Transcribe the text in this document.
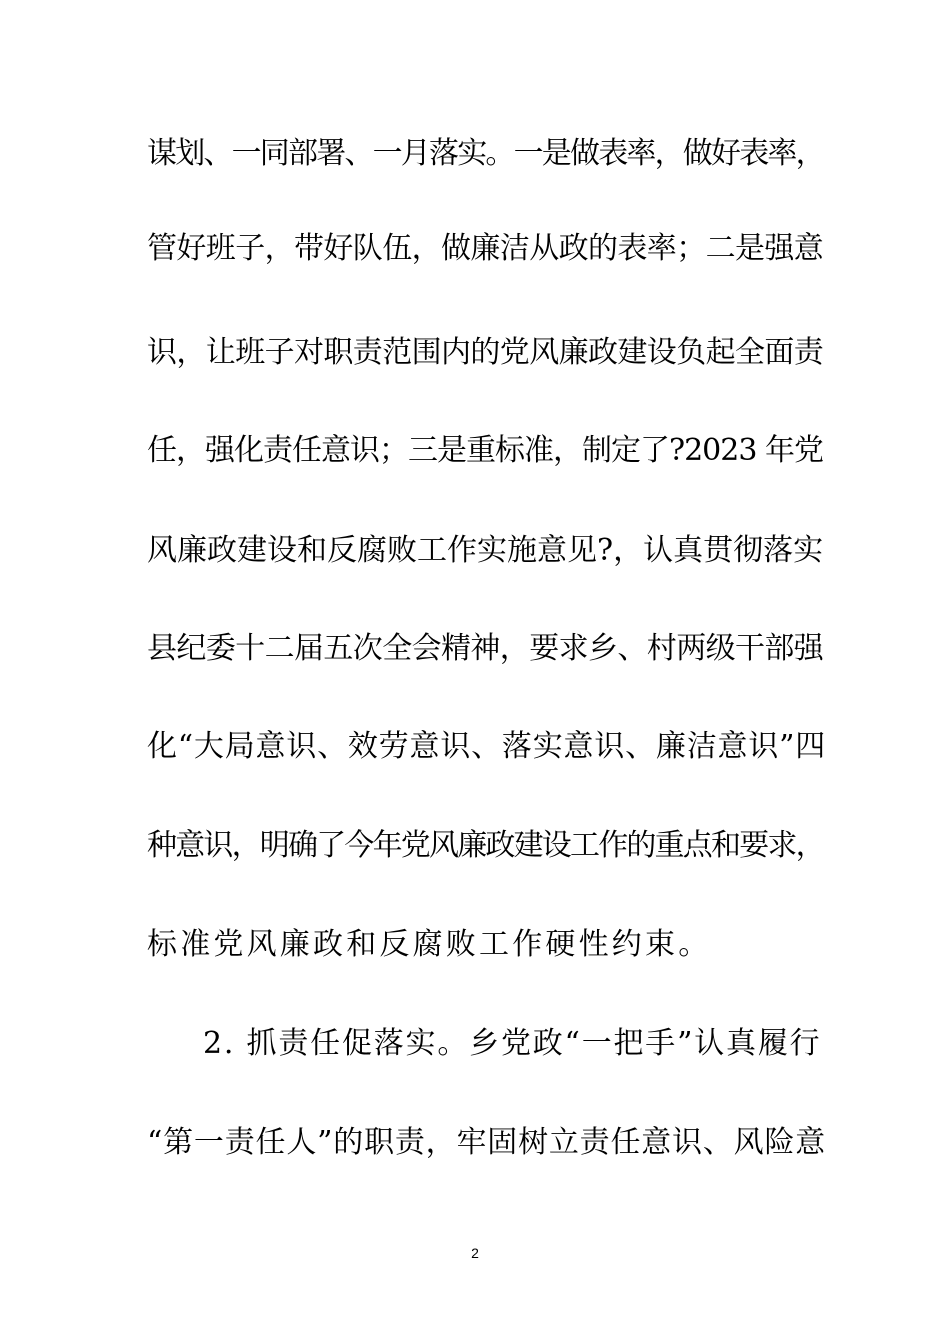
谋划、一同部署、一月落实。一是做表率，做好表率，
管好班子，带好队伍，做廉洁从政的表率；二是强意
识，让班子对职责范围内的党风廉政建设负起全面责
任，强化责任意识；三是重标准，制定了?2023 年党
风廉政建设和反腐败工作实施意见?，认真贯彻落实
县纪委十二届五次全会精神，要求乡、村两级干部强
化“大局意识、效劳意识、落实意识、廉洁意识”四
种意识，明确了今年党风廉政建设工作的重点和要求，
标准党风廉政和反腐败工作硬性约束。
2. 抓责任促落实。乡党政“一把手”认真履行
“第一责任人”的职责，牢固树立责任意识、风险意
2
